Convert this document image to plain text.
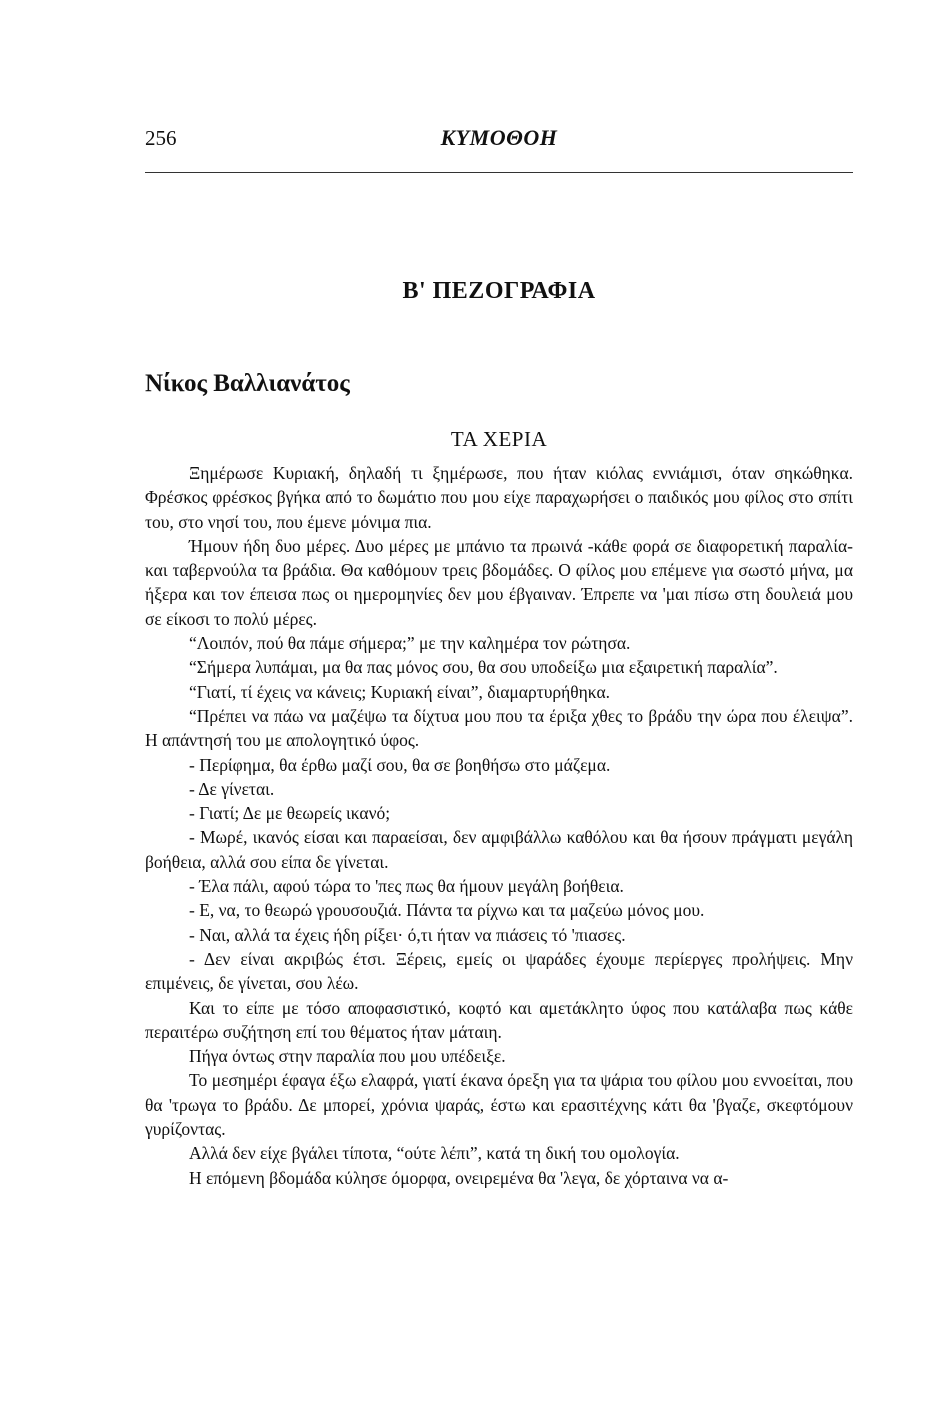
256	ΚΥΜΟΘΟΗ
Β' ΠΕΖΟΓΡΑΦΙΑ
Νίκος Βαλλιανάτος
ΤΑ ΧΕΡΙΑ

Ξημέρωσε Κυριακή, δηλαδή τι ξημέρωσε, που ήταν κιόλας εννιάμισι, όταν σηκώθηκα. Φρέσκος φρέσκος βγήκα από το δωμάτιο που μου είχε παραχωρήσει ο παιδικός μου φίλος στο σπίτι του, στο νησί του, που έμενε μόνιμα πια.

Ήμουν ήδη δυο μέρες. Δυο μέρες με μπάνιο τα πρωινά -κάθε φορά σε διαφορετική παραλία- και ταβερνούλα τα βράδια. Θα καθόμουν τρεις βδομάδες. Ο φίλος μου επέμενε για σωστό μήνα, μα ήξερα και τον έπεισα πως οι ημερομηνίες δεν μου έβγαιναν. Έπρεπε να 'μαι πίσω στη δουλειά μου σε είκοσι το πολύ μέρες.

“Λοιπόν, πού θα πάμε σήμερα;” με την καλημέρα τον ρώτησα.

“Σήμερα λυπάμαι, μα θα πας μόνος σου, θα σου υποδείξω μια εξαιρετική παραλία”.

“Γιατί, τί έχεις να κάνεις; Κυριακή είναι”, διαμαρτυρήθηκα.

“Πρέπει να πάω να μαζέψω τα δίχτυα μου που τα έριξα χθες το βράδυ την ώρα που έλειψα”. Η απάντησή του με απολογητικό ύφος.

- Περίφημα, θα έρθω μαζί σου, θα σε βοηθήσω στο μάζεμα.

- Δε γίνεται.

- Γιατί; Δε με θεωρείς ικανό;

- Μωρέ, ικανός είσαι και παραείσαι, δεν αμφιβάλλω καθόλου και θα ήσουν πράγματι μεγάλη βοήθεια, αλλά σου είπα δε γίνεται.

- Έλα πάλι, αφού τώρα το 'πες πως θα ήμουν μεγάλη βοήθεια.

- Ε, να, το θεωρώ γρουσουζιά. Πάντα τα ρίχνω και τα μαζεύω μόνος μου.

- Ναι, αλλά τα έχεις ήδη ρίξει· ό,τι ήταν να πιάσεις τό 'πιασες.

- Δεν είναι ακριβώς έτσι. Ξέρεις, εμείς οι ψαράδες έχουμε περίεργες προλήψεις. Μην επιμένεις, δε γίνεται, σου λέω.

Και το είπε με τόσο αποφασιστικό, κοφτό και αμετάκλητο ύφος που κατάλαβα πως κάθε περαιτέρω συζήτηση επί του θέματος ήταν μάταιη.

Πήγα όντως στην παραλία που μου υπέδειξε.

Το μεσημέρι έφαγα έξω ελαφρά, γιατί έκανα όρεξη για τα ψάρια του φίλου μου εννοείται, που θα 'τρωγα το βράδυ. Δε μπορεί, χρόνια ψαράς, έστω και ερασιτέχνης κάτι θα 'βγαζε, σκεφτόμουν γυρίζοντας.

Αλλά δεν είχε βγάλει τίποτα, “ούτε λέπι”, κατά τη δική του ομολογία.

Η επόμενη βδομάδα κύλησε όμορφα, ονειρεμένα θα 'λεγα, δε χόρταινα να α-
